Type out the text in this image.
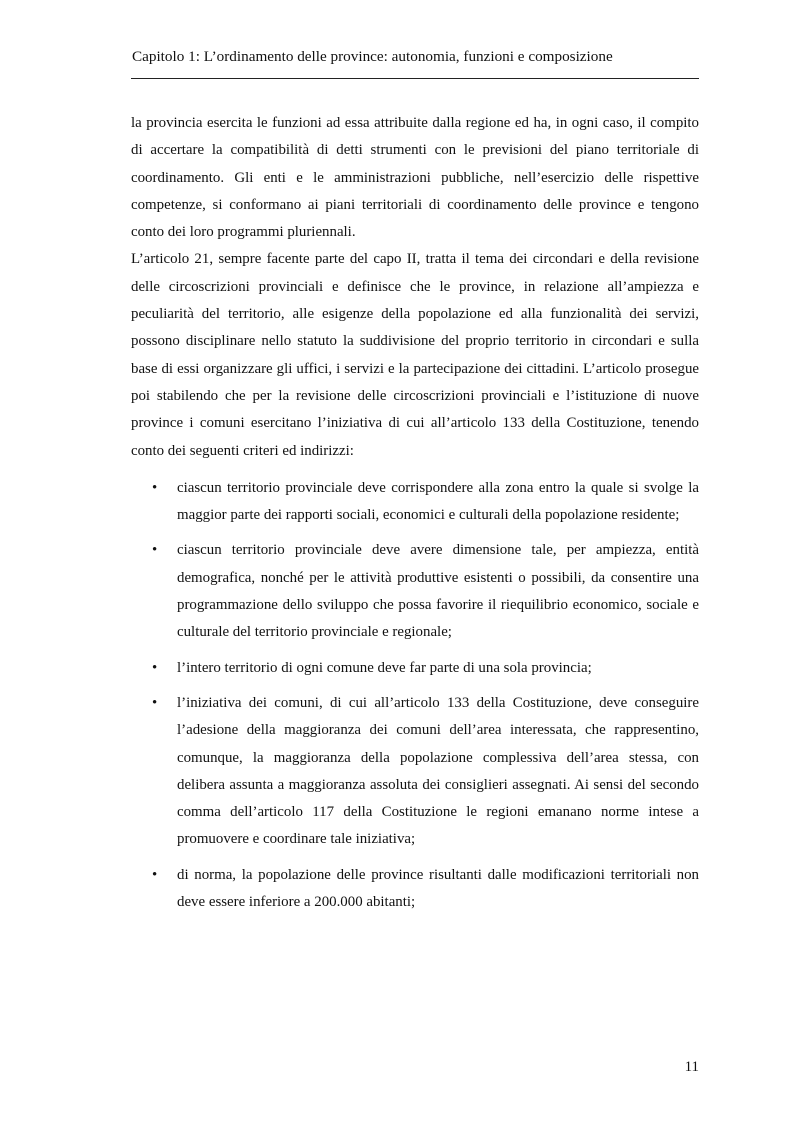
Capitolo 1: L’ordinamento delle province: autonomia, funzioni e composizione

la provincia esercita le funzioni ad essa attribuite dalla regione ed ha, in ogni caso, il compito di accertare la compatibilità di detti strumenti con le previsioni del piano territoriale di coordinamento. Gli enti e le amministrazioni pubbliche, nell’esercizio delle rispettive competenze, si conformano ai piani territoriali di coordinamento delle province e tengono conto dei loro programmi pluriennali.

L’articolo 21, sempre facente parte del capo II, tratta il tema dei circondari e della revisione delle circoscrizioni provinciali e definisce che le province, in relazione all’ampiezza e peculiarità del territorio, alle esigenze della popolazione ed alla funzionalità dei servizi, possono disciplinare nello statuto la suddivisione del proprio territorio in circondari e sulla base di essi organizzare gli uffici, i servizi e la partecipazione dei cittadini. L’articolo prosegue poi stabilendo che per la revisione delle circoscrizioni provinciali e l’istituzione di nuove province i comuni esercitano l’iniziativa di cui all’articolo 133 della Costituzione, tenendo conto dei seguenti criteri ed indirizzi:

• ciascun territorio provinciale deve corrispondere alla zona entro la quale si svolge la maggior parte dei rapporti sociali, economici e culturali della popolazione residente;
• ciascun territorio provinciale deve avere dimensione tale, per ampiezza, entità demografica, nonché per le attività produttive esistenti o possibili, da consentire una programmazione dello sviluppo che possa favorire il riequilibrio economico, sociale e culturale del territorio provinciale e regionale;
• l’intero territorio di ogni comune deve far parte di una sola provincia;
• l’iniziativa dei comuni, di cui all’articolo 133 della Costituzione, deve conseguire l’adesione della maggioranza dei comuni dell’area interessata, che rappresentino, comunque, la maggioranza della popolazione complessiva dell’area stessa, con delibera assunta a maggioranza assoluta dei consiglieri assegnati. Ai sensi del secondo comma dell’articolo 117 della Costituzione le regioni emanano norme intese a promuovere e coordinare tale iniziativa;
• di norma, la popolazione delle province risultanti dalle modificazioni territoriali non deve essere inferiore a 200.000 abitanti;
11
